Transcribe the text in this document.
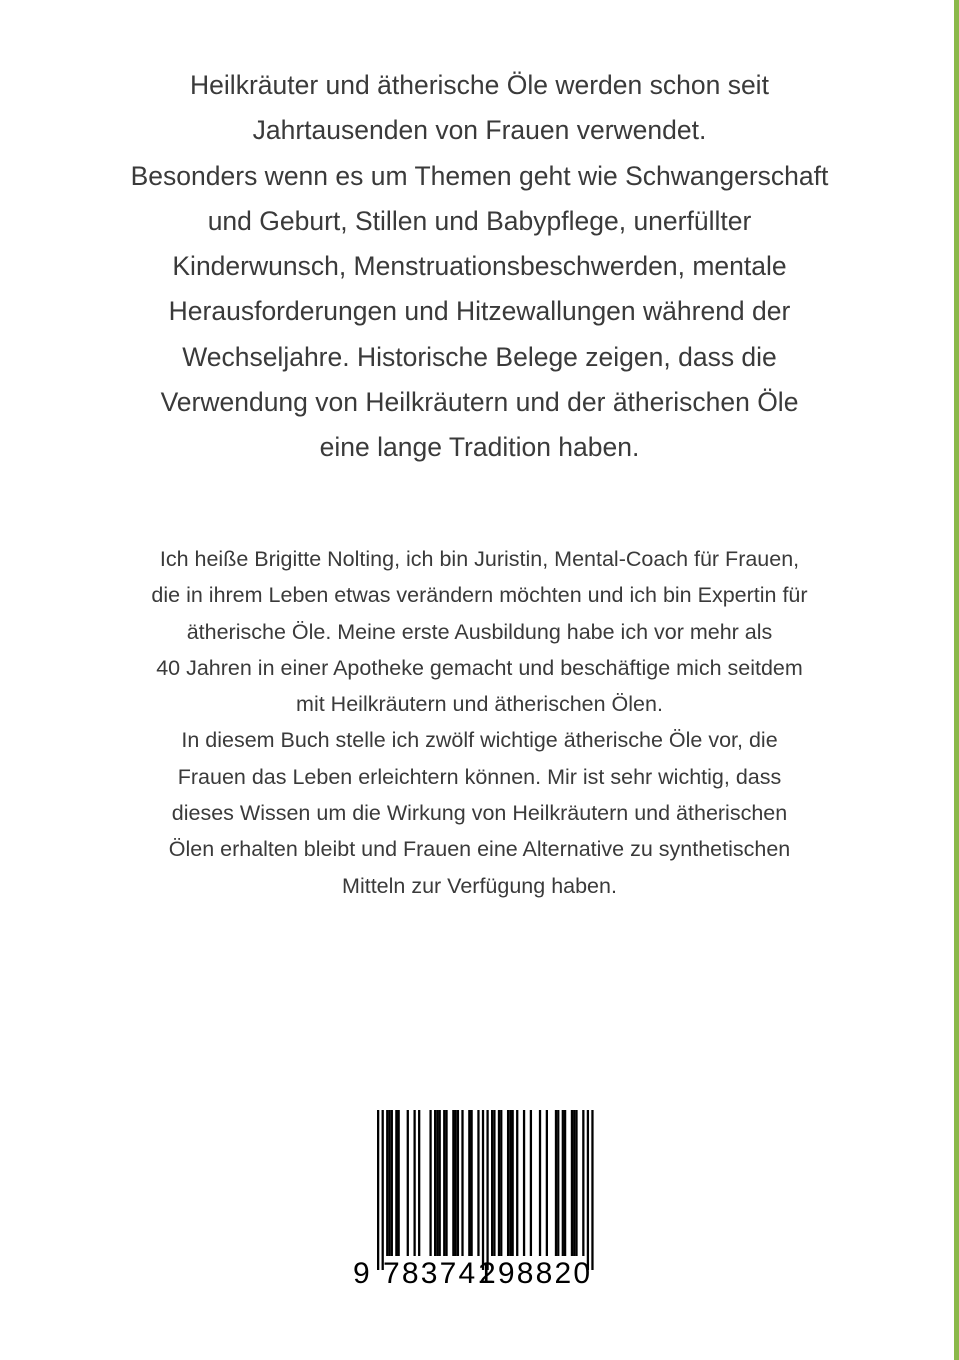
Heilkräuter und ätherische Öle werden schon seit
Jahrtausenden von Frauen verwendet.
Besonders wenn es um Themen geht wie Schwangerschaft
und Geburt, Stillen und Babypflege, unerfüllter
Kinderwunsch, Menstruationsbeschwerden, mentale
Herausforderungen und Hitzewallungen während der
Wechseljahre. Historische Belege zeigen, dass die
Verwendung von Heilkräutern und der ätherischen Öle
eine lange Tradition haben.
Ich heiße Brigitte Nolting, ich bin Juristin, Mental-Coach für Frauen,
die in ihrem Leben etwas verändern möchten und ich bin Expertin für
ätherische Öle. Meine erste Ausbildung habe ich vor mehr als
40 Jahren in einer Apotheke gemacht und beschäftige mich seitdem
mit Heilkräutern und ätherischen Ölen.
In diesem Buch stelle ich zwölf wichtige ätherische Öle vor, die
Frauen das Leben erleichtern können. Mir ist sehr wichtig, dass
dieses Wissen um die Wirkung von Heilkräutern und ätherischen
Ölen erhalten bleibt und Frauen eine Alternative zu synthetischen
Mitteln zur Verfügung haben.
9 783741
298820
